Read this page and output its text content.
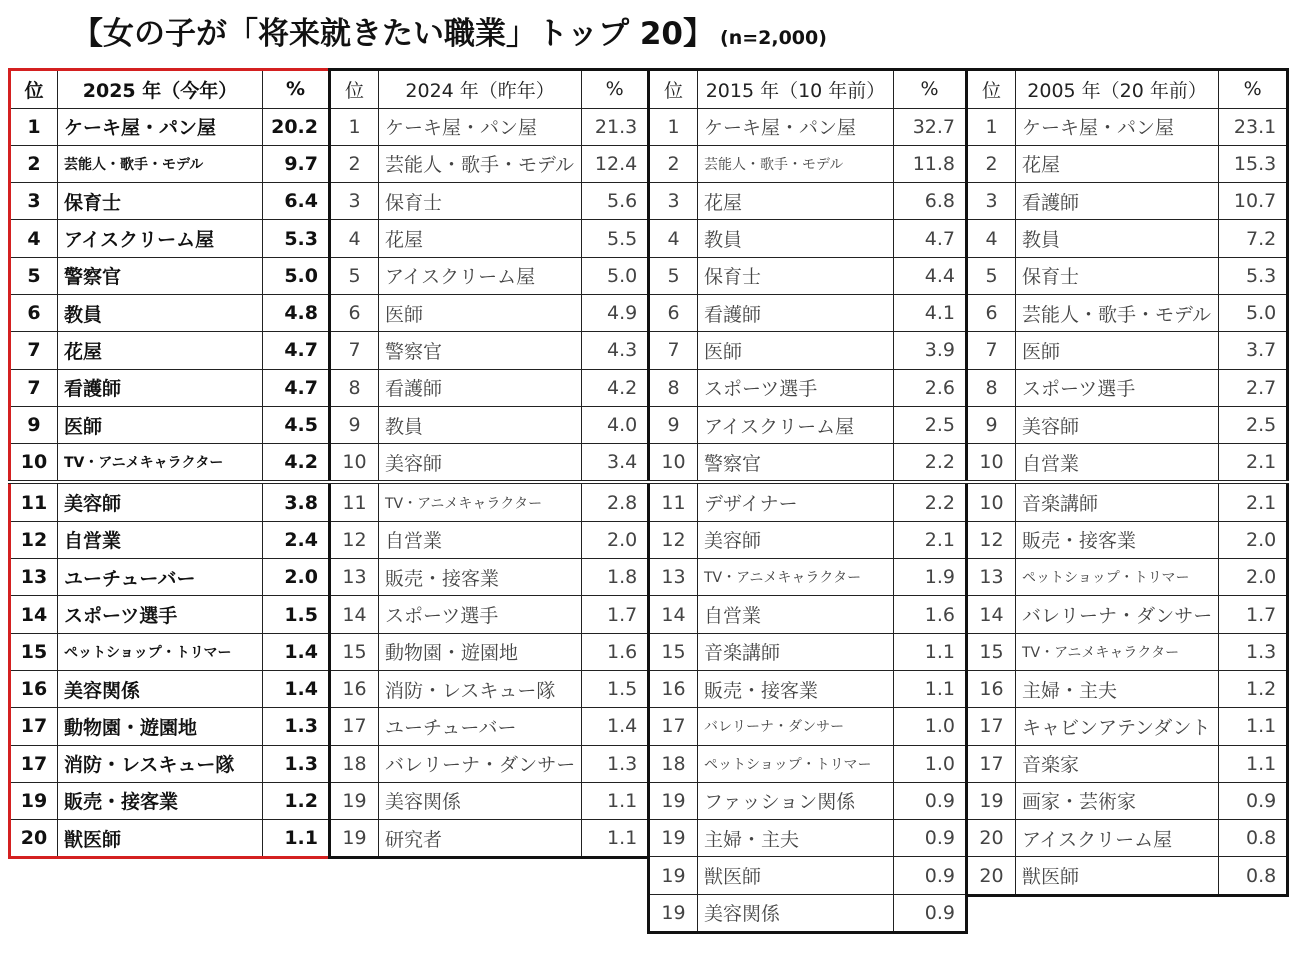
【女の子が「将来就きたい職業」トップ 20】 (n=2,000)
位	2025 年（今年）	%
1	ケーキ屋・パン屋	20.2
2	芸能人・歌手・モデル	9.7
3	保育士	6.4
4	アイスクリーム屋	5.3
5	警察官	5.0
6	教員	4.8
7	花屋	4.7
7	看護師	4.7
9	医師	4.5
10	TV・アニメキャラクター	4.2
11	美容師	3.8
12	自営業	2.4
13	ユーチューバー	2.0
14	スポーツ選手	1.5
15	ペットショップ・トリマー	1.4
16	美容関係	1.4
17	動物園・遊園地	1.3
17	消防・レスキュー隊	1.3
19	販売・接客業	1.2
20	獣医師	1.1
位	2024 年（昨年）	%
1	ケーキ屋・パン屋	21.3
2	芸能人・歌手・モデル	12.4
3	保育士	5.6
4	花屋	5.5
5	アイスクリーム屋	5.0
6	医師	4.9
7	警察官	4.3
8	看護師	4.2
9	教員	4.0
10	美容師	3.4
11	TV・アニメキャラクター	2.8
12	自営業	2.0
13	販売・接客業	1.8
14	スポーツ選手	1.7
15	動物園・遊園地	1.6
16	消防・レスキュー隊	1.5
17	ユーチューバー	1.4
18	バレリーナ・ダンサー	1.3
19	美容関係	1.1
19	研究者	1.1
位	2015 年（10 年前）	%
1	ケーキ屋・パン屋	32.7
2	芸能人・歌手・モデル	11.8
3	花屋	6.8
4	教員	4.7
5	保育士	4.4
6	看護師	4.1
7	医師	3.9
8	スポーツ選手	2.6
9	アイスクリーム屋	2.5
10	警察官	2.2
11	デザイナー	2.2
12	美容師	2.1
13	TV・アニメキャラクター	1.9
14	自営業	1.6
15	音楽講師	1.1
16	販売・接客業	1.1
17	バレリーナ・ダンサー	1.0
18	ペットショップ・トリマー	1.0
19	ファッション関係	0.9
19	主婦・主夫	0.9
19	獣医師	0.9
19	美容関係	0.9
位	2005 年（20 年前）	%
1	ケーキ屋・パン屋	23.1
2	花屋	15.3
3	看護師	10.7
4	教員	7.2
5	保育士	5.3
6	芸能人・歌手・モデル	5.0
7	医師	3.7
8	スポーツ選手	2.7
9	美容師	2.5
10	自営業	2.1
10	音楽講師	2.1
12	販売・接客業	2.0
13	ペットショップ・トリマー	2.0
14	バレリーナ・ダンサー	1.7
15	TV・アニメキャラクター	1.3
16	主婦・主夫	1.2
17	キャビンアテンダント	1.1
17	音楽家	1.1
19	画家・芸術家	0.9
20	アイスクリーム屋	0.8
20	獣医師	0.8
